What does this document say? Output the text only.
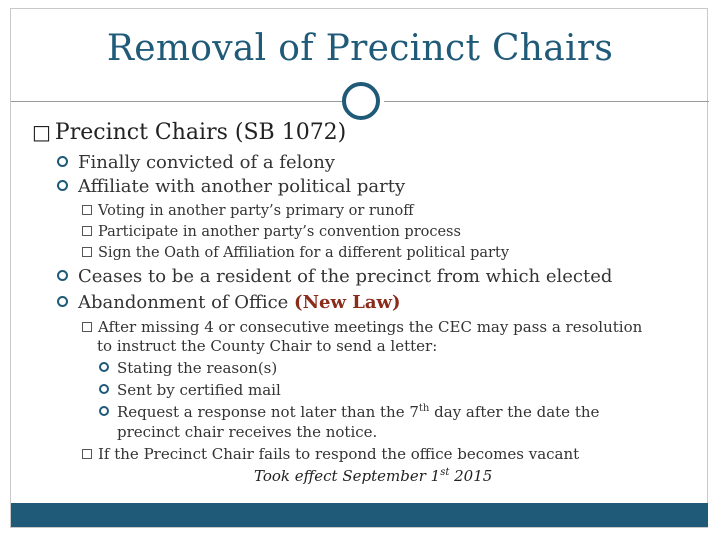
Removal of Precinct Chairs
□ Precinct Chairs (SB 1072)
Finally convicted of a felony
Affiliate with another political party
Voting in another party’s primary or runoff
Participate in another party’s convention process
Sign the Oath of Affiliation for a different political party
Ceases to be a resident of the precinct from which elected
Abandonment of Office (New Law)
After missing 4 or consecutive meetings the CEC may pass a resolution
to instruct the County Chair to send a letter:
Stating the reason(s)
Sent by certified mail
Request a response not later than the 7th day after the date the
precinct chair receives the notice.
If the Precinct Chair fails to respond the office becomes vacant
Took effect September 1st 2015
